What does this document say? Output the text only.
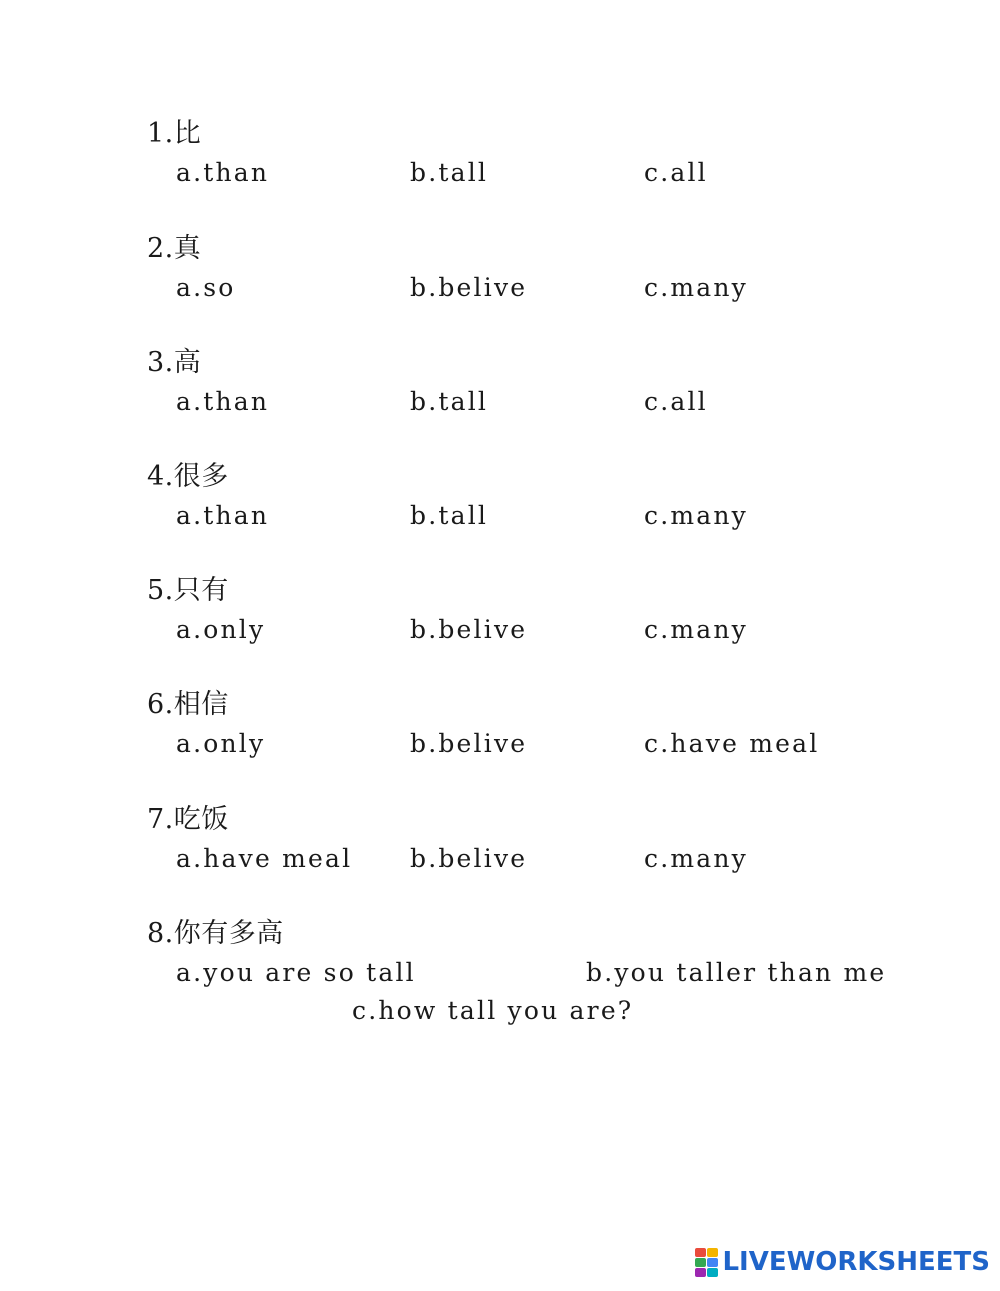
1.比
a.than	b.tall	c.all
2.真
a.so	b.belive	c.many
3.高
a.than	b.tall	c.all
4.很多
a.than	b.tall	c.many
5.只有
a.only	b.belive	c.many
6.相信
a.only	b.belive	c.have meal
7.吃饭
a.have meal b.belive	c.many
8.你有多高
a.you are so tall	b.you taller than me
c.how tall you are?
LIVEWORKSHEETS
